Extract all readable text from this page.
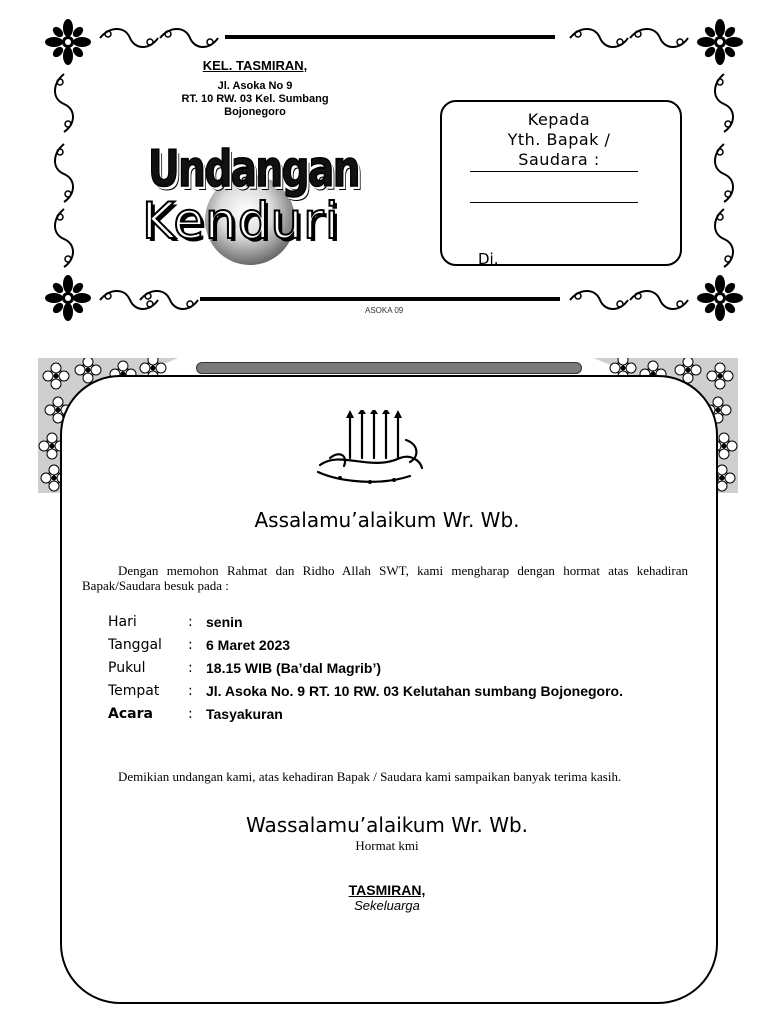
KEL. TASMIRAN,
Jl. Asoka No 9
RT. 10 RW. 03 Kel. Sumbang
Bojonegoro
Undangan
Kenduri
Kepada
Yth. Bapak /
Saudara :
Di.
ASOKA 09
Assalamu’alaikum Wr. Wb.
Dengan memohon Rahmat dan Ridho Allah SWT, kami mengharap dengan hormat atas kehadiran Bapak/Saudara besuk pada :
Hari	: senin
Tanggal	: 6 Maret 2023
Pukul	: 18.15 WIB (Ba’dal Magrib’)
Tempat	: Jl. Asoka No. 9 RT. 10 RW. 03 Kelutahan sumbang Bojonegoro.
Acara	: Tasyakuran
Demikian undangan kami, atas kehadiran Bapak / Saudara kami sampaikan banyak terima kasih.
Wassalamu’alaikum Wr. Wb.
Hormat kmi
TASMIRAN,
Sekeluarga
